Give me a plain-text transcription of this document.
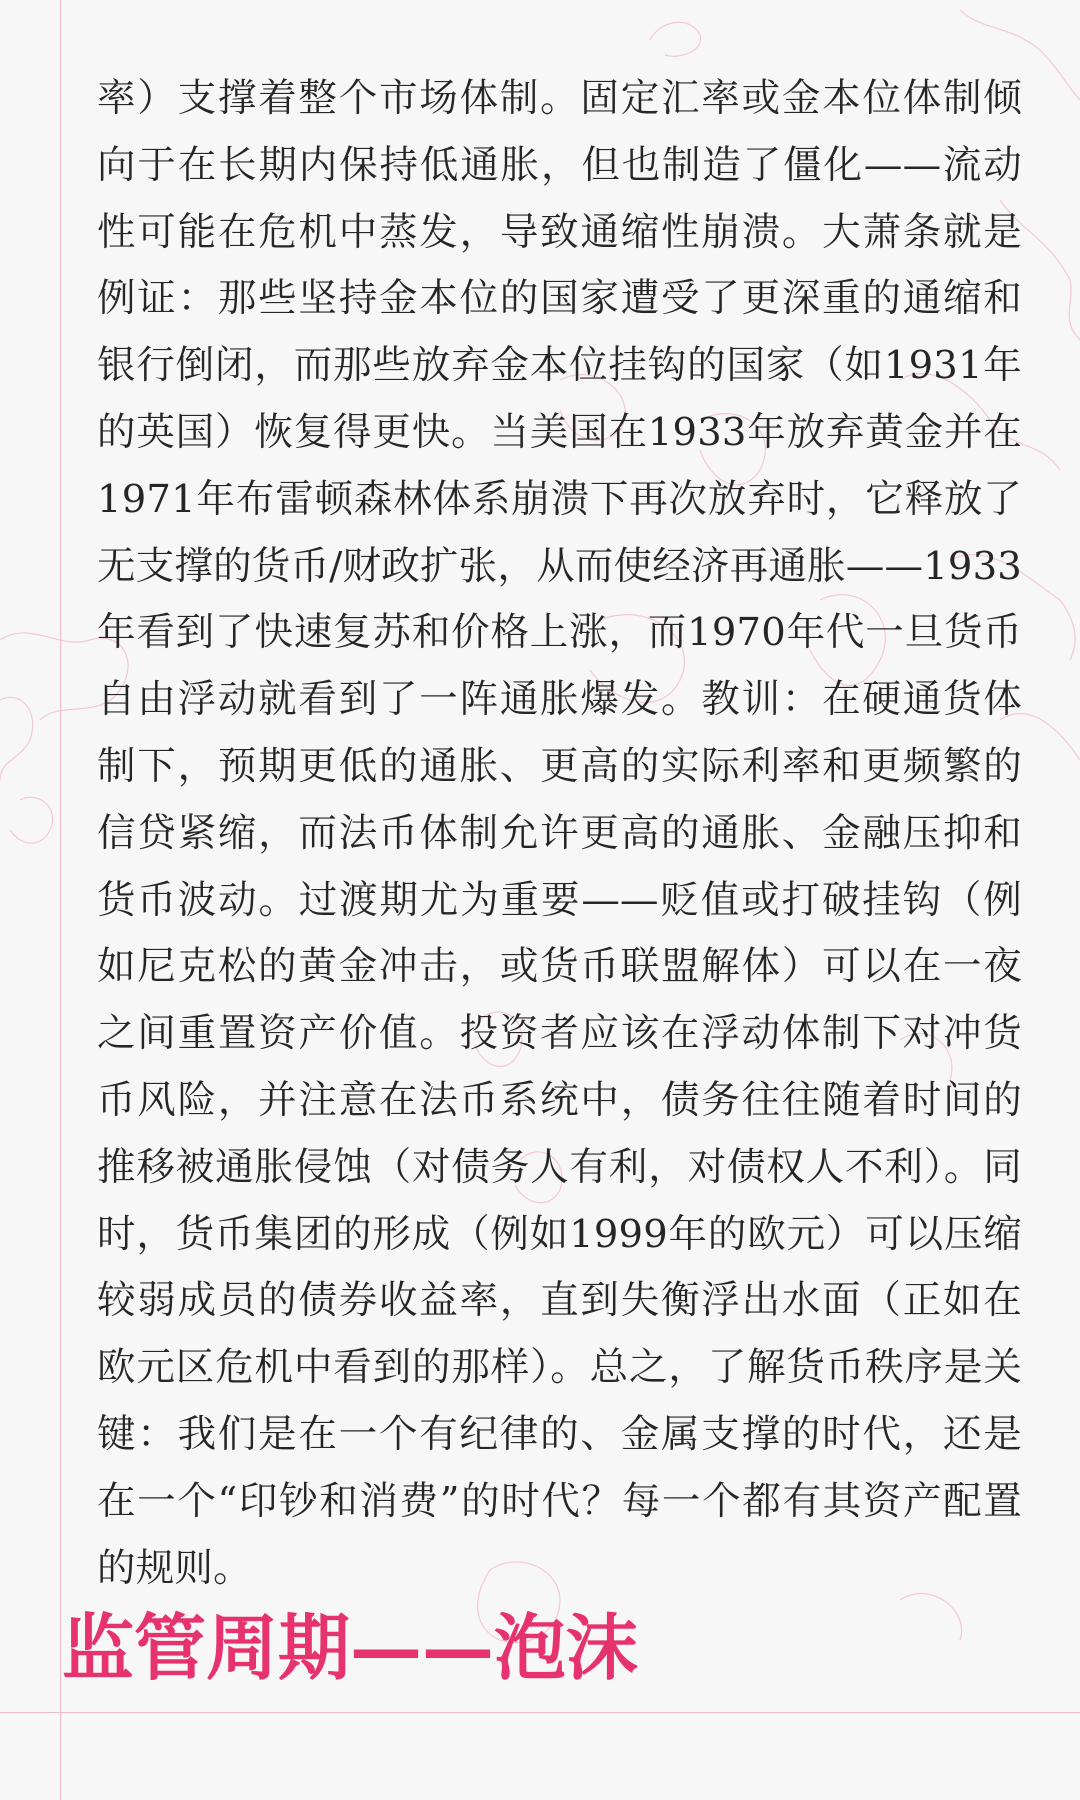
率）支撑着整个市场体制。固定汇率或金本位体制倾向于在长期内保持低通胀，但也制造了僵化——流动性可能在危机中蒸发，导致通缩性崩溃。大萧条就是例证：那些坚持金本位的国家遭受了更深重的通缩和银行倒闭，而那些放弃金本位挂钩的国家（如1931年的英国）恢复得更快。当美国在1933年放弃黄金并在1971年布雷顿森林体系崩溃下再次放弃时，它释放了无支撑的货币/财政扩张，从而使经济再通胀——1933年看到了快速复苏和价格上涨，而1970年代一旦货币自由浮动就看到了一阵通胀爆发。教训：在硬通货体制下，预期更低的通胀、更高的实际利率和更频繁的信贷紧缩，而法币体制允许更高的通胀、金融压抑和货币波动。过渡期尤为重要——贬值或打破挂钩（例如尼克松的黄金冲击，或货币联盟解体）可以在一夜之间重置资产价值。投资者应该在浮动体制下对冲货币风险，并注意在法币系统中，债务往往随着时间的推移被通胀侵蚀（对债务人有利，对债权人不利）。同时，货币集团的形成（例如1999年的欧元）可以压缩较弱成员的债券收益率，直到失衡浮出水面（正如在欧元区危机中看到的那样）。总之，了解货币秩序是关键：我们是在一个有纪律的、金属支撑的时代，还是在一个“印钞和消费”的时代？每一个都有其资产配置的规则。

监管周期——泡沫
